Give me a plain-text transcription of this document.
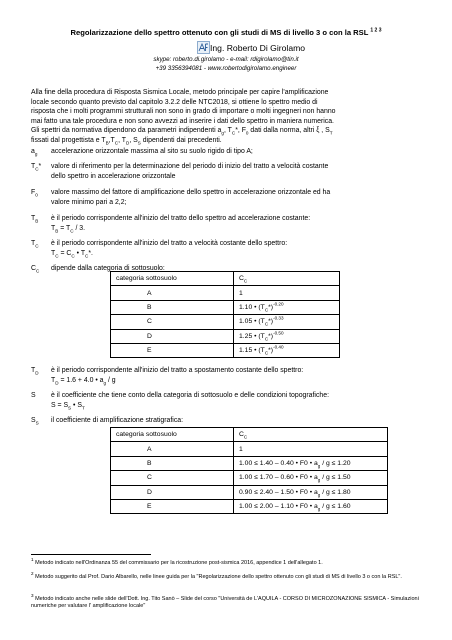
Regolarizzazione dello spettro ottenuto con gli studi di MS di livello 3 o con la RSL $^{1 2 3}$
Ing. Roberto Di Girolamo
skype: roberto.di.girolamo - e-mail: rdigirolamo@tin.it
+39 3356394081 - www.robertodigirolamo.engineer
Alla fine della procedura di Risposta Sismica Locale, metodo principale per capire l'amplificazione
locale secondo quanto previsto dal capitolo 3.2.2 delle NTC2018, si ottiene lo spettro medio di
risposta che i molti programmi strutturali non sono in grado di importare o molti ingegneri non hanno
mai fatto una tale procedura e non sono avvezzi ad inserire i dati dello spettro in maniera numerica.
Gli spettri da normativa dipendono da parametri indipendenti $a_g$, $T_C*$, $F_0$ dati dalla norma, altri ξ , $S_T$
fissati dal progettista e $T_B,T_C$, $T_D$, $S_S$ dipendenti dai precedenti.
$a_g$	accelerazione orizzontale massima al sito su suolo rigido di tipo A;
$T_C*$	valore di riferimento per la determinazione del periodo di inizio del tratto a velocità costante
dello spettro in accelerazione orizzontale
$F_0$	valore massimo del fattore di amplificazione dello spettro in accelerazione orizzontale ed ha
valore minimo pari a 2,2;
$T_B$	è il periodo corrispondente all'inizio del tratto dello spettro ad accelerazione costante:
$T_B = T_C / 3$.
$T_C$	è il periodo corrispondente all'inizio del tratto a velocità costante dello spettro:
$T_C = C_C$ • $T_C*$.
$C_C$	dipende dalla categoria di sottosuolo:
categoria sottosuolo	$C_C$
A	1
B	1.10 • $(T_C*)^{-0.20}$
C	1.05 • $(T_C*)^{-0.33}$
D	1.25 • $(T_C*)^{-0.50}$
E	1.15 • $(T_C*)^{-0.40}$
$T_D$	è il periodo corrispondente all'inizio del tratto a spostamento costante dello spettro:
$T_D = 1.6 + 4.0$ • $a_g$ / g
S	è il coefficiente che tiene conto della categoria di sottosuolo e delle condizioni topografiche:
$S = S_S$ • $S_T$
$S_S$	il coefficiente di amplificazione stratigrafica:
categoria sottosuolo	$C_C$
A	1
B	1.00 ≤ 1.40 – 0.40 • F0 • $a_g / g \le 1.20$
C	1.00 ≤ 1.70 – 0.60 • F0 • $a_g / g \le 1.50$
D	0.90 ≤ 2.40 – 1.50 • F0 • $a_g / g \le 1.80$
E	1.00 ≤ 2.00 – 1.10 • F0 • $a_g / g \le 1.60$
$^1$ Metodo indicato nell'Ordinanza 55 del commissario per la ricostruzione post-sismica 2016, appendice 1 dell'allegato 1.
$^2$ Metodo suggerito dal Prof. Dario Albarello, nelle linee guida per la "Regolarizzazione dello spettro ottenuto con gli studi di MS di livello 3 o con la RSL".
$^3$ Metodo indicato anche nelle slide dell'Dott. Ing. Tito Sanò – Slide del corso "Università de L'AQUILA - CORSO DI MICROZONAZIONE SISMICA - Simulazioni numeriche per valutare l' amplificazione locale"
